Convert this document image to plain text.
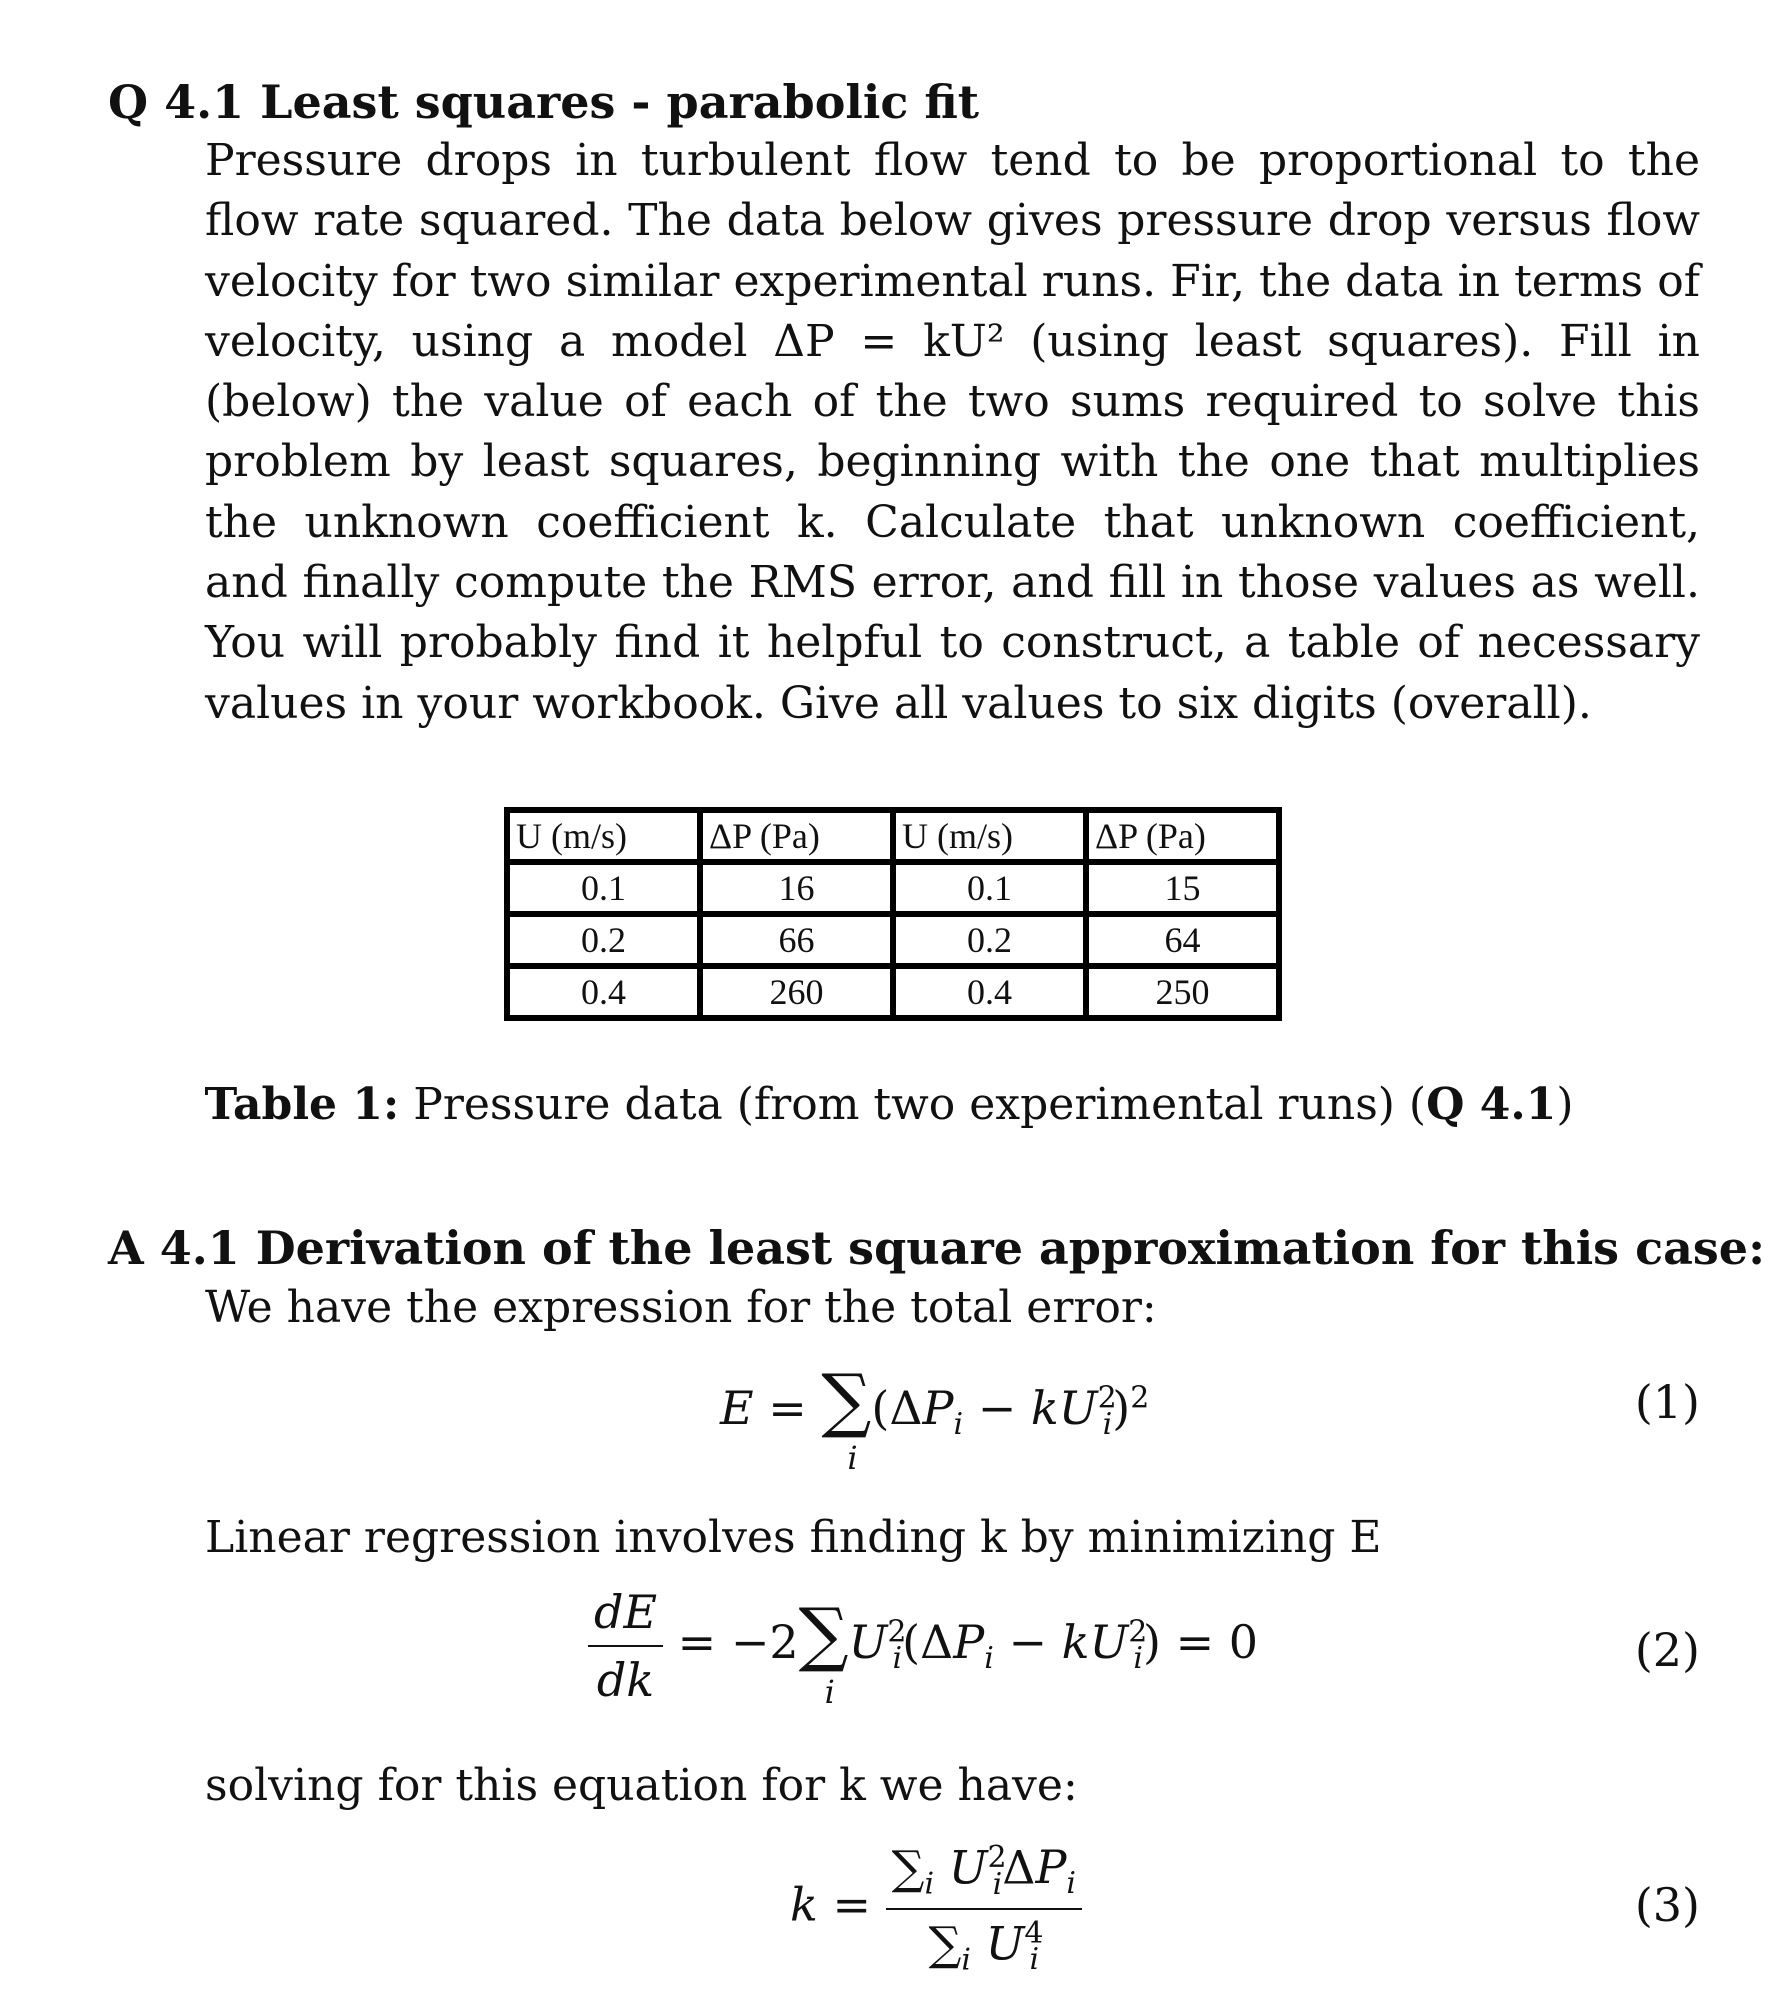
Q 4.1 Least squares - parabolic fit

Pressure drops in turbulent flow tend to be proportional to the flow rate squared. The data below gives pressure drop versus flow velocity for two similar experimental runs. Fir, the data in terms of velocity, using a model ΔP = kU² (using least squares). Fill in (below) the value of each of the two sums required to solve this problem by least squares, beginning with the one that multiplies the unknown coefficient k. Calculate that unknown coefficient, and finally compute the RMS error, and fill in those values as well. You will probably find it helpful to construct, a table of necessary values in your workbook. Give all values to six digits (overall).

U (m/s)	ΔP (Pa)	U (m/s)	ΔP (Pa)
0.1	16	0.1	15
0.2	66	0.2	64
0.4	260	0.4	250
Table 1: Pressure data (from two experimental runs) (Q 4.1)
A 4.1 Derivation of the least square approximation for this case:
We have the expression for the total error:
E = ∑
i
$(\Delta P_i - kU^2_i)^2$	(1)
Linear regression involves finding k by minimizing E
$\frac{dE}{dk} = -2\sum$
i
$U^2_i(\Delta P_i - kU^2_i) = 0$	(2)
solving for this equation for k we have:
$k = \frac{\sum_i U^2_i\Delta P_i}{\sum_i U^4_i}$	(3)
